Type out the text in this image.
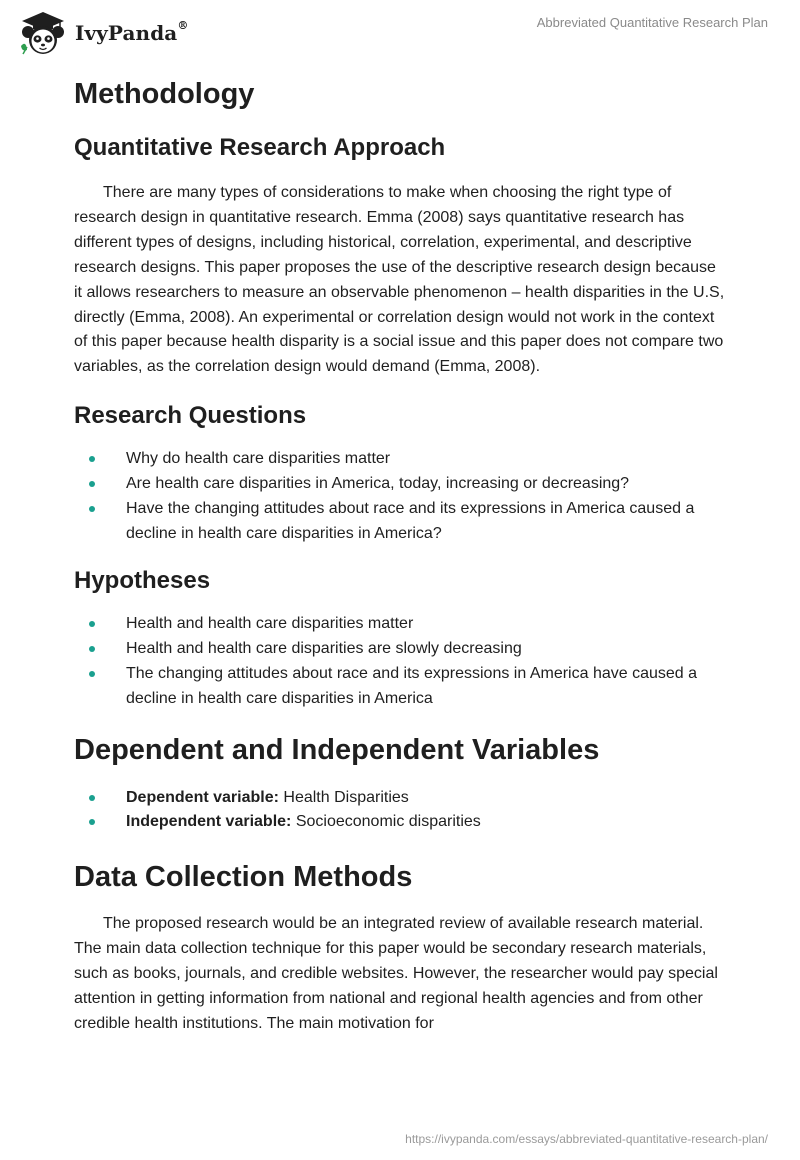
IvyPanda®	Abbreviated Quantitative Research Plan
Methodology
Quantitative Research Approach

There are many types of considerations to make when choosing the right type of research design in quantitative research. Emma (2008) says quantitative research has different types of designs, including historical, correlation, experimental, and descriptive research designs. This paper proposes the use of the descriptive research design because it allows researchers to measure an observable phenomenon – health disparities in the U.S, directly (Emma, 2008). An experimental or correlation design would not work in the context of this paper because health disparity is a social issue and this paper does not compare two variables, as the correlation design would demand (Emma, 2008).

Research Questions
Why do health care disparities matter
Are health care disparities in America, today, increasing or decreasing?
Have the changing attitudes about race and its expressions in America caused a decline in health care disparities in America?
Hypotheses
Health and health care disparities matter
Health and health care disparities are slowly decreasing
The changing attitudes about race and its expressions in America have caused a decline in health care disparities in America
Dependent and Independent Variables
Dependent variable: Health Disparities
Independent variable: Socioeconomic disparities
Data Collection Methods

The proposed research would be an integrated review of available research material. The main data collection technique for this paper would be secondary research materials, such as books, journals, and credible websites. However, the researcher would pay special attention in getting information from national and regional health agencies and from other credible health institutions. The main motivation for

https://ivypanda.com/essays/abbreviated-quantitative-research-plan/
